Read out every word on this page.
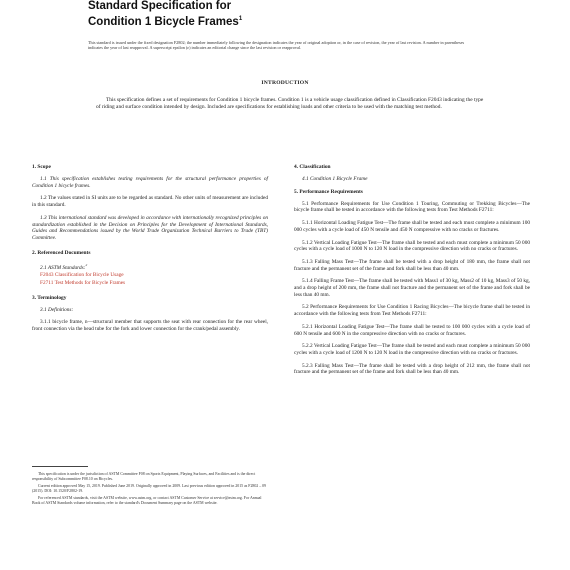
Standard Specification for
Condition 1 Bicycle Frames$^1$
This standard is issued under the fixed designation F2802; the number immediately following the designation indicates the year of original adoption or, in the case of revision, the year of last revision. A number in parentheses indicates the year of last reapproval. A superscript epsilon (ε) indicates an editorial change since the last revision or reapproval.
INTRODUCTION
This specification defines a set of requirements for Condition 1 bicycle frames. Condition 1 is a vehicle usage classification defined in Classification F2043 indicating the type of riding and surface condition intended by design. Included are specifications for establishing loads and other criteria to be used with the matching test method.
1. Scope
1.1 This specification establishes testing requirements for the structural performance properties of Condition 1 bicycle frames.
1.2 The values stated in SI units are to be regarded as standard. No other units of measurement are included in this standard.
1.3 This international standard was developed in accordance with internationally recognized principles on standardization established in the Decision on Principles for the Development of International Standards, Guides and Recommendations issued by the World Trade Organization Technical Barriers to Trade (TBT) Committee.
2. Referenced Documents
2.1 ASTM Standards:$^2$
F2043 Classification for Bicycle Usage
F2711 Test Methods for Bicycle Frames
3. Terminology
3.1 Definitions:
3.1.1 bicycle frame, n—structural member that supports the seat with rear connection for the rear wheel, front connection via the head tube for the fork and lower connection for the crank/pedal assembly.
4. Classification
4.1 Condition 1 Bicycle Frame
5. Performance Requirements
5.1 Performance Requirements for Use Condition 1 Touring, Commuting or Trekking Bicycles—The bicycle frame shall be tested in accordance with the following tests from Test Methods F2711:
5.1.1 Horizontal Loading Fatigue Test—The frame shall be tested and each must complete a minimum 100 000 cycles with a cycle load of 450 N tensile and 450 N compressive with no cracks or fractures.
5.1.2 Vertical Loading Fatigue Test—The frame shall be tested and each must complete a minimum 50 000 cycles with a cycle load of 1000 N to 120 N load in the compressive direction with no cracks or fractures.
5.1.3 Falling Mass Test—The frame shall be tested with a drop height of 180 mm, the frame shall not fracture and the permanent set of the frame and fork shall be less than 40 mm.
5.1.4 Falling Frame Test—The frame shall be tested with Mass1 of 30 kg, Mass2 of 10 kg, Mass3 of 50 kg, and a drop height of 200 mm, the frame shall not fracture and the permanent set of the frame and fork shall be less than 40 mm.
5.2 Performance Requirements for Use Condition 1 Racing Bicycles—The bicycle frame shall be tested in accordance with the following tests from Test Methods F2711:
5.2.1 Horizontal Loading Fatigue Test—The frame shall be tested to 100 000 cycles with a cycle load of 600 N tensile and 600 N in the compressive direction with no cracks or fractures.
5.2.2 Vertical Loading Fatigue Test—The frame shall be tested and each must complete a minimum 50 000 cycles with a cycle load of 1200 N to 120 N load in the compressive direction with no cracks or fractures.
5.2.3 Falling Mass Test—The frame shall be tested with a drop height of 212 mm, the frame shall not fracture and the permanent set of the frame and fork shall be less than 40 mm.

This specification is under the jurisdiction of ASTM Committee F08 on Sports Equipment, Playing Surfaces, and Facilities and is the direct responsibility of Subcommittee F08.10 on Bicycles.

Current edition approved May 15, 2019. Published June 2019. Originally approved in 2009. Last previous edition approved in 2015 as F2802 – 09 (2015). DOI: 10.1520/F2802-19.

For referenced ASTM standards, visit the ASTM website, www.astm.org, or contact ASTM Customer Service at service@astm.org. For Annual Book of ASTM Standards volume information, refer to the standard's Document Summary page on the ASTM website.
